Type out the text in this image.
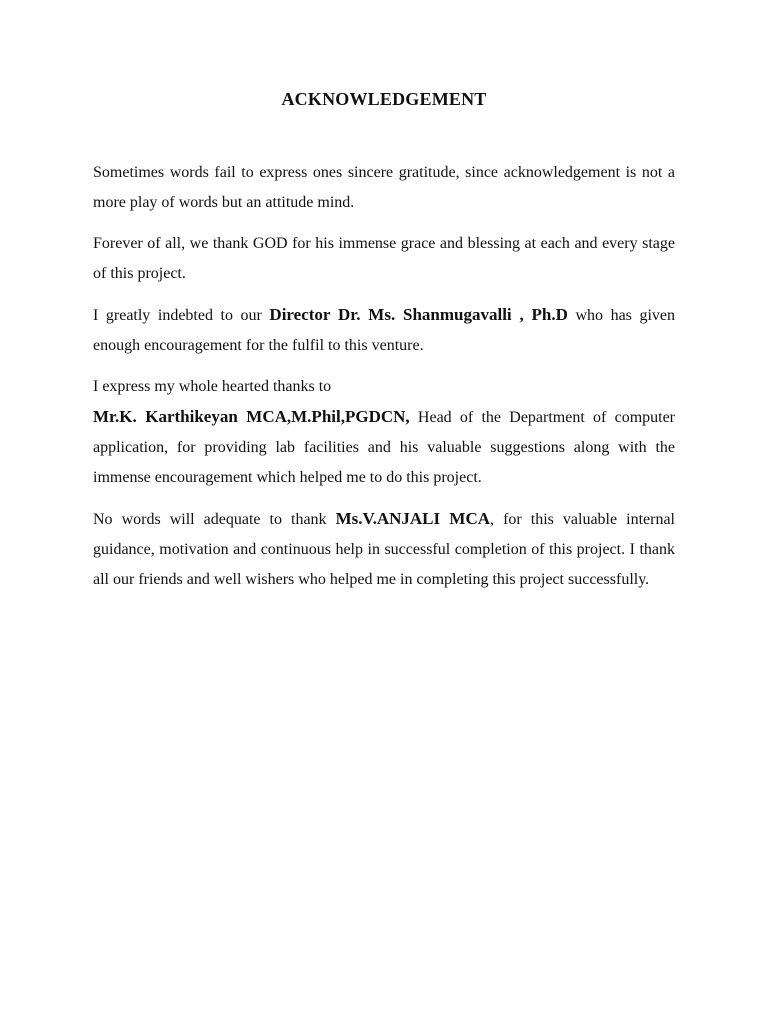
ACKNOWLEDGEMENT

Sometimes words fail to express ones sincere gratitude, since acknowledgement is not a more play of words but an attitude mind.

Forever of all, we thank GOD for his immense grace and blessing at each and every stage of this project.

I greatly indebted to our Director Dr. Ms. Shanmugavalli , Ph.D who has given enough encouragement for the fulfil to this venture.

I express my whole hearted thanks to

Mr.K. Karthikeyan MCA,M.Phil,PGDCN, Head of the Department of computer application, for providing lab facilities and his valuable suggestions along with the immense encouragement which helped me to do this project.

No words will adequate to thank Ms.V.ANJALI MCA, for this valuable internal guidance, motivation and continuous help in successful completion of this project. I thank all our friends and well wishers who helped me in completing this project successfully.
